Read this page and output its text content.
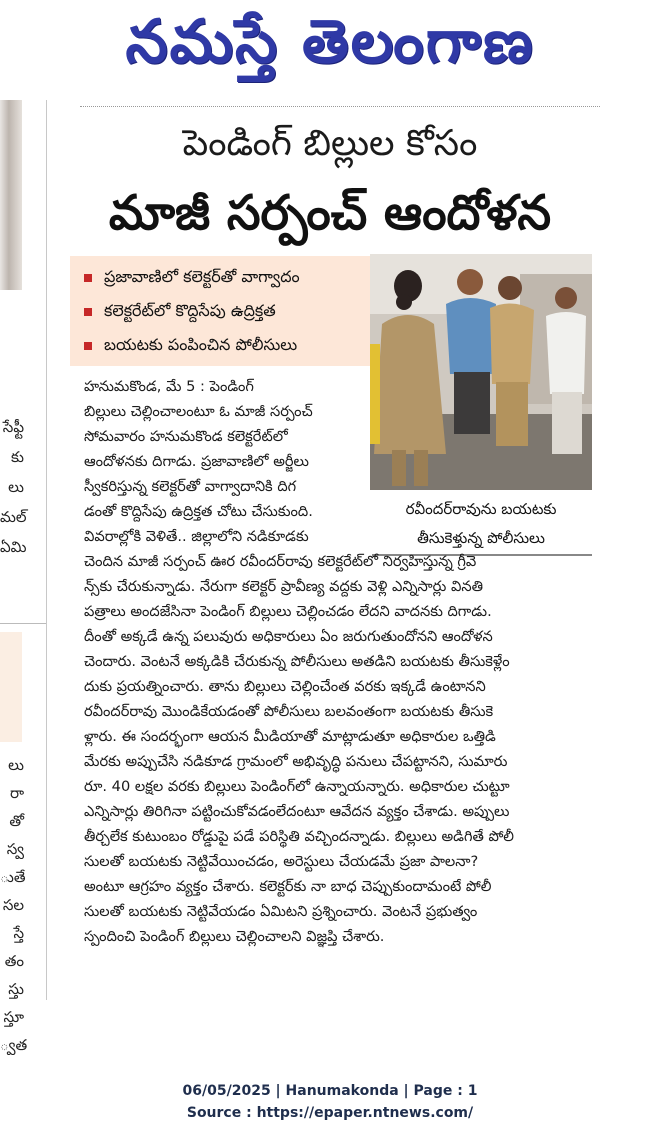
నమస్తే తెలంగాణ
సేఫ్టీ
కు
లు
మల్
ఏమి
లు
రా
తో
స్వ
ుతే
సల
స్తే
తం
స్తు
స్తూ
్వత
పెండింగ్ బిల్లుల కోసం
మాజీ సర్పంచ్ ఆందోళన
ప్రజావాణిలో కలెక్టర్‌తో వాగ్వాదం
కలెక్టరేట్‌లో కొద్దిసేపు ఉద్రిక్తత
బయటకు పంపించిన పోలీసులు
రవీందర్‌రావును బయటకు
తీసుకెళ్తున్న పోలీసులు
హనుమకొండ, మే 5 : పెండింగ్
బిల్లులు చెల్లించాలంటూ ఓ మాజీ సర్పంచ్
సోమవారం హనుమకొండ కలెక్టరేట్‌లో
ఆందోళనకు దిగాడు. ప్రజావాణిలో అర్జీలు
స్వీకరిస్తున్న కలెక్టర్‌తో వాగ్వాదానికి దిగ
డంతో కొద్దిసేపు ఉద్రిక్తత చోటు చేసుకుంది.
వివరాల్లోకి వెళితే.. జిల్లాలోని నడికూడకు
చెందిన మాజీ సర్పంచ్ ఊర రవీందర్‌రావు కలెక్టరేట్‌లో నిర్వహిస్తున్న గ్రీవె
న్స్‌కు చేరుకున్నాడు. నేరుగా కలెక్టర్ ప్రావీణ్య వద్దకు వెళ్లి ఎన్నిసార్లు వినతి
పత్రాలు అందజేసినా పెండింగ్ బిల్లులు చెల్లించడం లేదని వాదనకు దిగాడు.
దీంతో అక్కడే ఉన్న పలువురు అధికారులు ఏం జరుగుతుందోనని ఆందోళన
చెందారు. వెంటనే అక్కడికి చేరుకున్న పోలీసులు అతడిని బయటకు తీసుకెళ్లేం
దుకు ప్రయత్నించారు. తాను బిల్లులు చెల్లించేంత వరకు ఇక్కడే ఉంటానని
రవీందర్‌రావు మొండికేయడంతో పోలీసులు బలవంతంగా బయటకు తీసుకె
ళ్లారు. ఈ సందర్భంగా ఆయన మీడియాతో మాట్లాడుతూ అధికారుల ఒత్తిడి
మేరకు అప్పుచేసి నడికూడ గ్రామంలో అభివృద్ధి పనులు చేపట్టానని, సుమారు
రూ. 40 లక్షల వరకు బిల్లులు పెండింగ్‌లో ఉన్నాయన్నారు. అధికారుల చుట్టూ
ఎన్నిసార్లు తిరిగినా పట్టించుకోవడంలేదంటూ ఆవేదన వ్యక్తం చేశాడు. అప్పులు
తీర్చలేక కుటుంబం రోడ్డుపై పడే పరిస్థితి వచ్చిందన్నాడు. బిల్లులు అడిగితే పోలీ
సులతో బయటకు నెట్టివేయించడం, అరెస్టులు చేయడమే ప్రజా పాలనా?
అంటూ ఆగ్రహం వ్యక్తం చేశారు. కలెక్టర్‌కు నా బాధ చెప్పుకుందామంటే పోలీ
సులతో బయటకు నెట్టివేయడం ఏమిటని ప్రశ్నించారు. వెంటనే ప్రభుత్వం
స్పందించి పెండింగ్ బిల్లులు చెల్లించాలని విజ్ఞప్తి చేశారు.
06/05/2025 | Hanumakonda | Page : 1
Source : https://epaper.ntnews.com/
